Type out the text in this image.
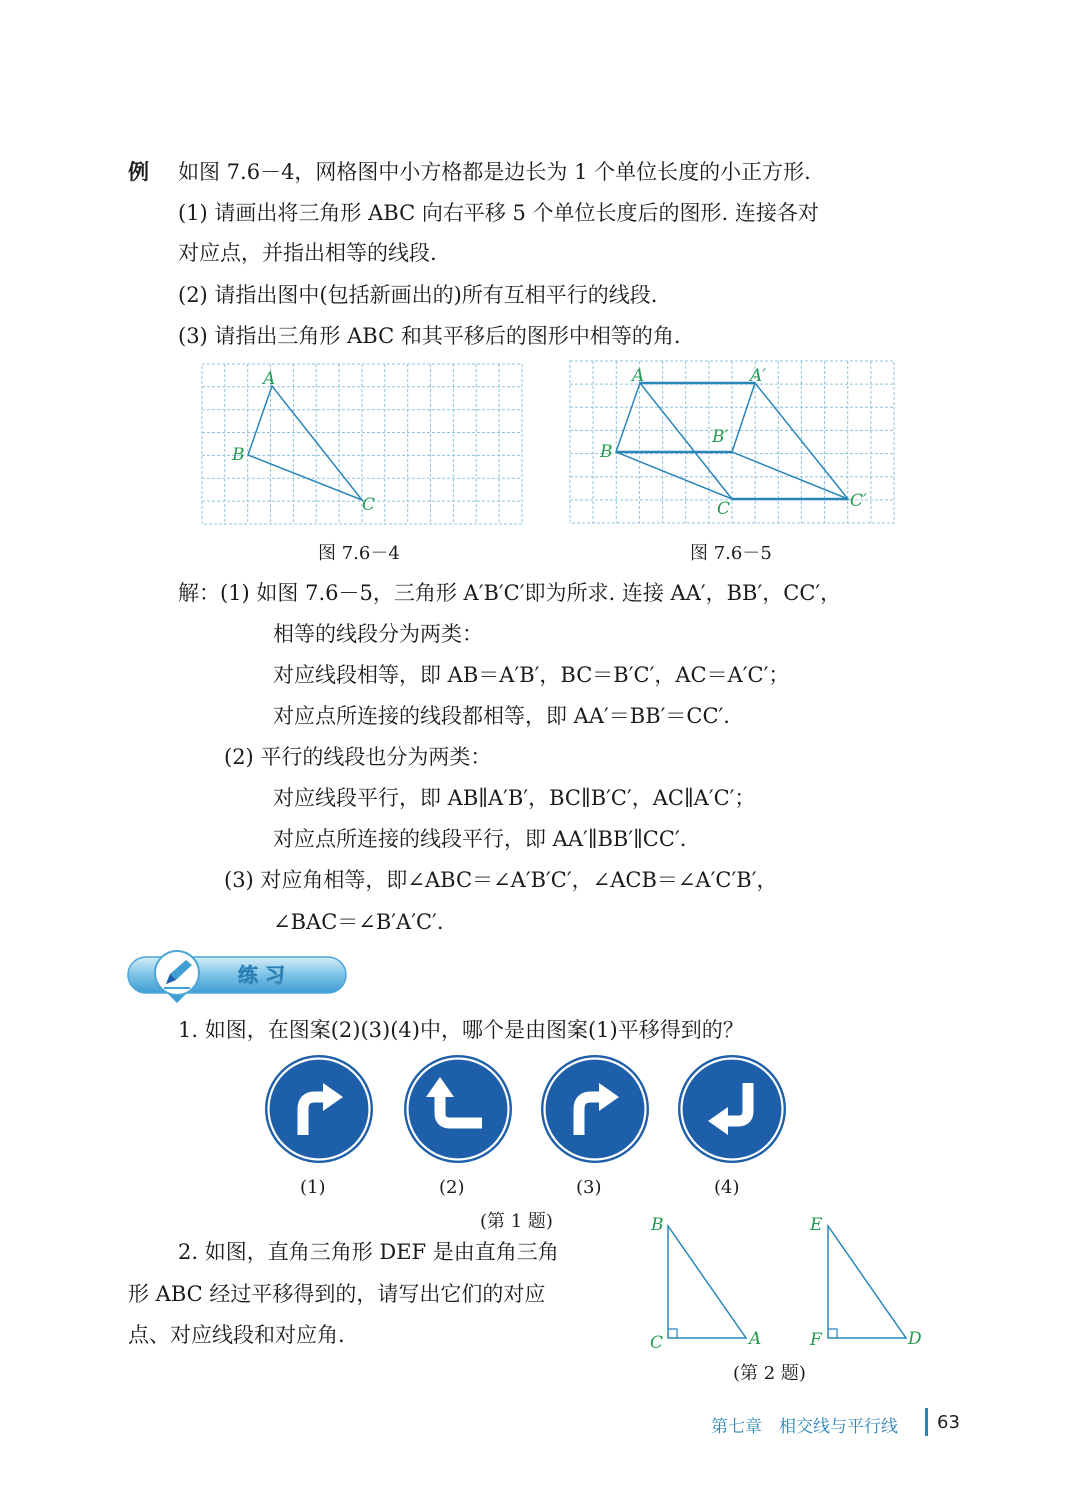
例 如图 7.6－4，网格图中小方格都是边长为 1 个单位长度的小正方形.
(1) 请画出将三角形 ABC 向右平移 5 个单位长度后的图形. 连接各对
对应点，并指出相等的线段.
(2) 请指出图中(包括新画出的)所有互相平行的线段.
(3) 请指出三角形 ABC 和其平移后的图形中相等的角.
A
B
C
图 7.6－4
A	A′
B
B′
C	C′
图 7.6－5
解：(1) 如图 7.6－5，三角形 A′B′C′即为所求. 连接 AA′，BB′，CC′，
相等的线段分为两类：
对应线段相等，即 AB＝A′B′，BC＝B′C′，AC＝A′C′；
对应点所连接的线段都相等，即 AA′＝BB′＝CC′.
(2) 平行的线段也分为两类：
对应线段平行，即 AB∥A′B′，BC∥B′C′，AC∥A′C′；
对应点所连接的线段平行，即 AA′∥BB′∥CC′.
(3) 对应角相等，即∠ABC＝∠A′B′C′，∠ACB＝∠A′C′B′，
∠BAC＝∠B′A′C′.
练 习
1. 如图，在图案(2)(3)(4)中，哪个是由图案(1)平移得到的？
(1)	(2)	(3)	(4)
(第 1 题)
2. 如图，直角三角形 DEF 是由直角三角
形 ABC 经过平移得到的，请写出它们的对应
点、对应线段和对应角.
B
C	A
E
F	D
(第 2 题)
第七章　相交线与平行线 63
